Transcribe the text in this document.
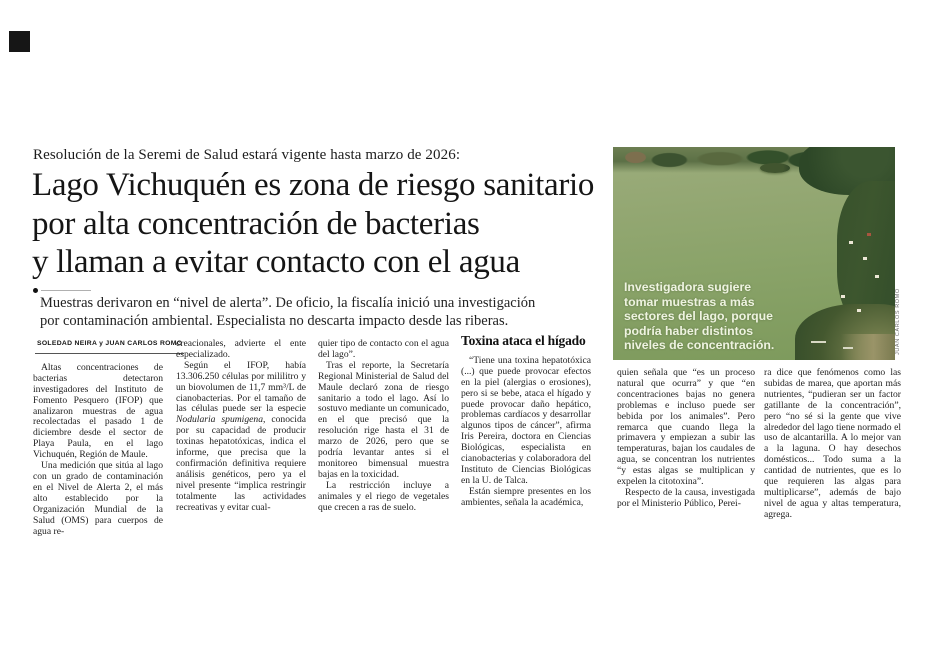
Resolución de la Seremi de Salud estará vigente hasta marzo de 2026:
Lago Vichuquén es zona de riesgo sanitario
por alta concentración de bacterias
y llaman a evitar contacto con el agua
Muestras derivaron en “nivel de alerta”. De oficio, la fiscalía inició una investigación
por contaminación ambiental. Especialista no descarta impacto desde las riberas.
SOLEDAD NEIRA y JUAN CARLOS ROMO

Altas concentraciones de bacterias detectaron investigadores del Instituto de Fomento Pesquero (IFOP) que analizaron muestras de agua recolectadas el pasado 1 de diciembre desde el sector de Playa Paula, en el lago Vichuquén, Región de Maule.

Una medición que sitúa al lago con un grado de contaminación en el Nivel de Alerta 2, el más alto establecido por la Organización Mundial de la Salud (OMS) para cuerpos de agua re-

creacionales, advierte el ente especializado.

Según el IFOP, había 13.306.250 células por mililitro y un biovolumen de 11,7 mm³/L de cianobacterias. Por el tamaño de las células puede ser la especie Nodularia spumigena, conocida por su capacidad de producir toxinas hepatotóxicas, indica el informe, que precisa que la confirmación definitiva requiere análisis genéticos, pero ya el nivel presente “implica restringir totalmente las actividades recreativas y evitar cual-

quier tipo de contacto con el agua del lago”.

Tras el reporte, la Secretaría Regional Ministerial de Salud del Maule declaró zona de riesgo sanitario a todo el lago. Así lo sostuvo mediante un comunicado, en el que precisó que la resolución rige hasta el 31 de marzo de 2026, pero que se podría levantar antes si el monitoreo bimensual muestra bajas en la toxicidad.

La restricción incluye a animales y el riego de vegetales que crecen a ras de suelo.

Toxina ataca el hígado

“Tiene una toxina hepatotóxica (...) que puede provocar efectos en la piel (alergias o erosiones), pero si se bebe, ataca el hígado y puede provocar daño hepático, problemas cardíacos y desarrollar algunos tipos de cáncer”, afirma Iris Pereira, doctora en Ciencias Biológicas, especialista en cianobacterias y colaboradora del Instituto de Ciencias Biológicas en la U. de Talca.

Están siempre presentes en los ambientes, señala la académica,

quien señala que “es un proceso natural que ocurra” y que “en concentraciones bajas no genera problemas e incluso puede ser bebida por los animales”. Pero remarca que cuando llega la primavera y empiezan a subir las temperaturas, bajan los caudales de agua, se concentran los nutrientes “y estas algas se multiplican y expelen la citotoxina”.

Respecto de la causa, investigada por el Ministerio Público, Perei-

ra dice que fenómenos como las subidas de marea, que aportan más nutrientes, “pudieran ser un factor gatillante de la concentración”, pero “no sé si la gente que vive alrededor del lago tiene normado el uso de alcantarilla. A lo mejor van a la laguna. O hay desechos domésticos... Todo suma a la cantidad de nutrientes, que es lo que requieren las algas para multiplicarse”, además de bajo nivel de agua y altas temperatura, agrega.

Investigadora sugiere
tomar muestras a más
sectores del lago, porque
podría haber distintos
niveles de concentración.	JUAN CARLOS ROMO
